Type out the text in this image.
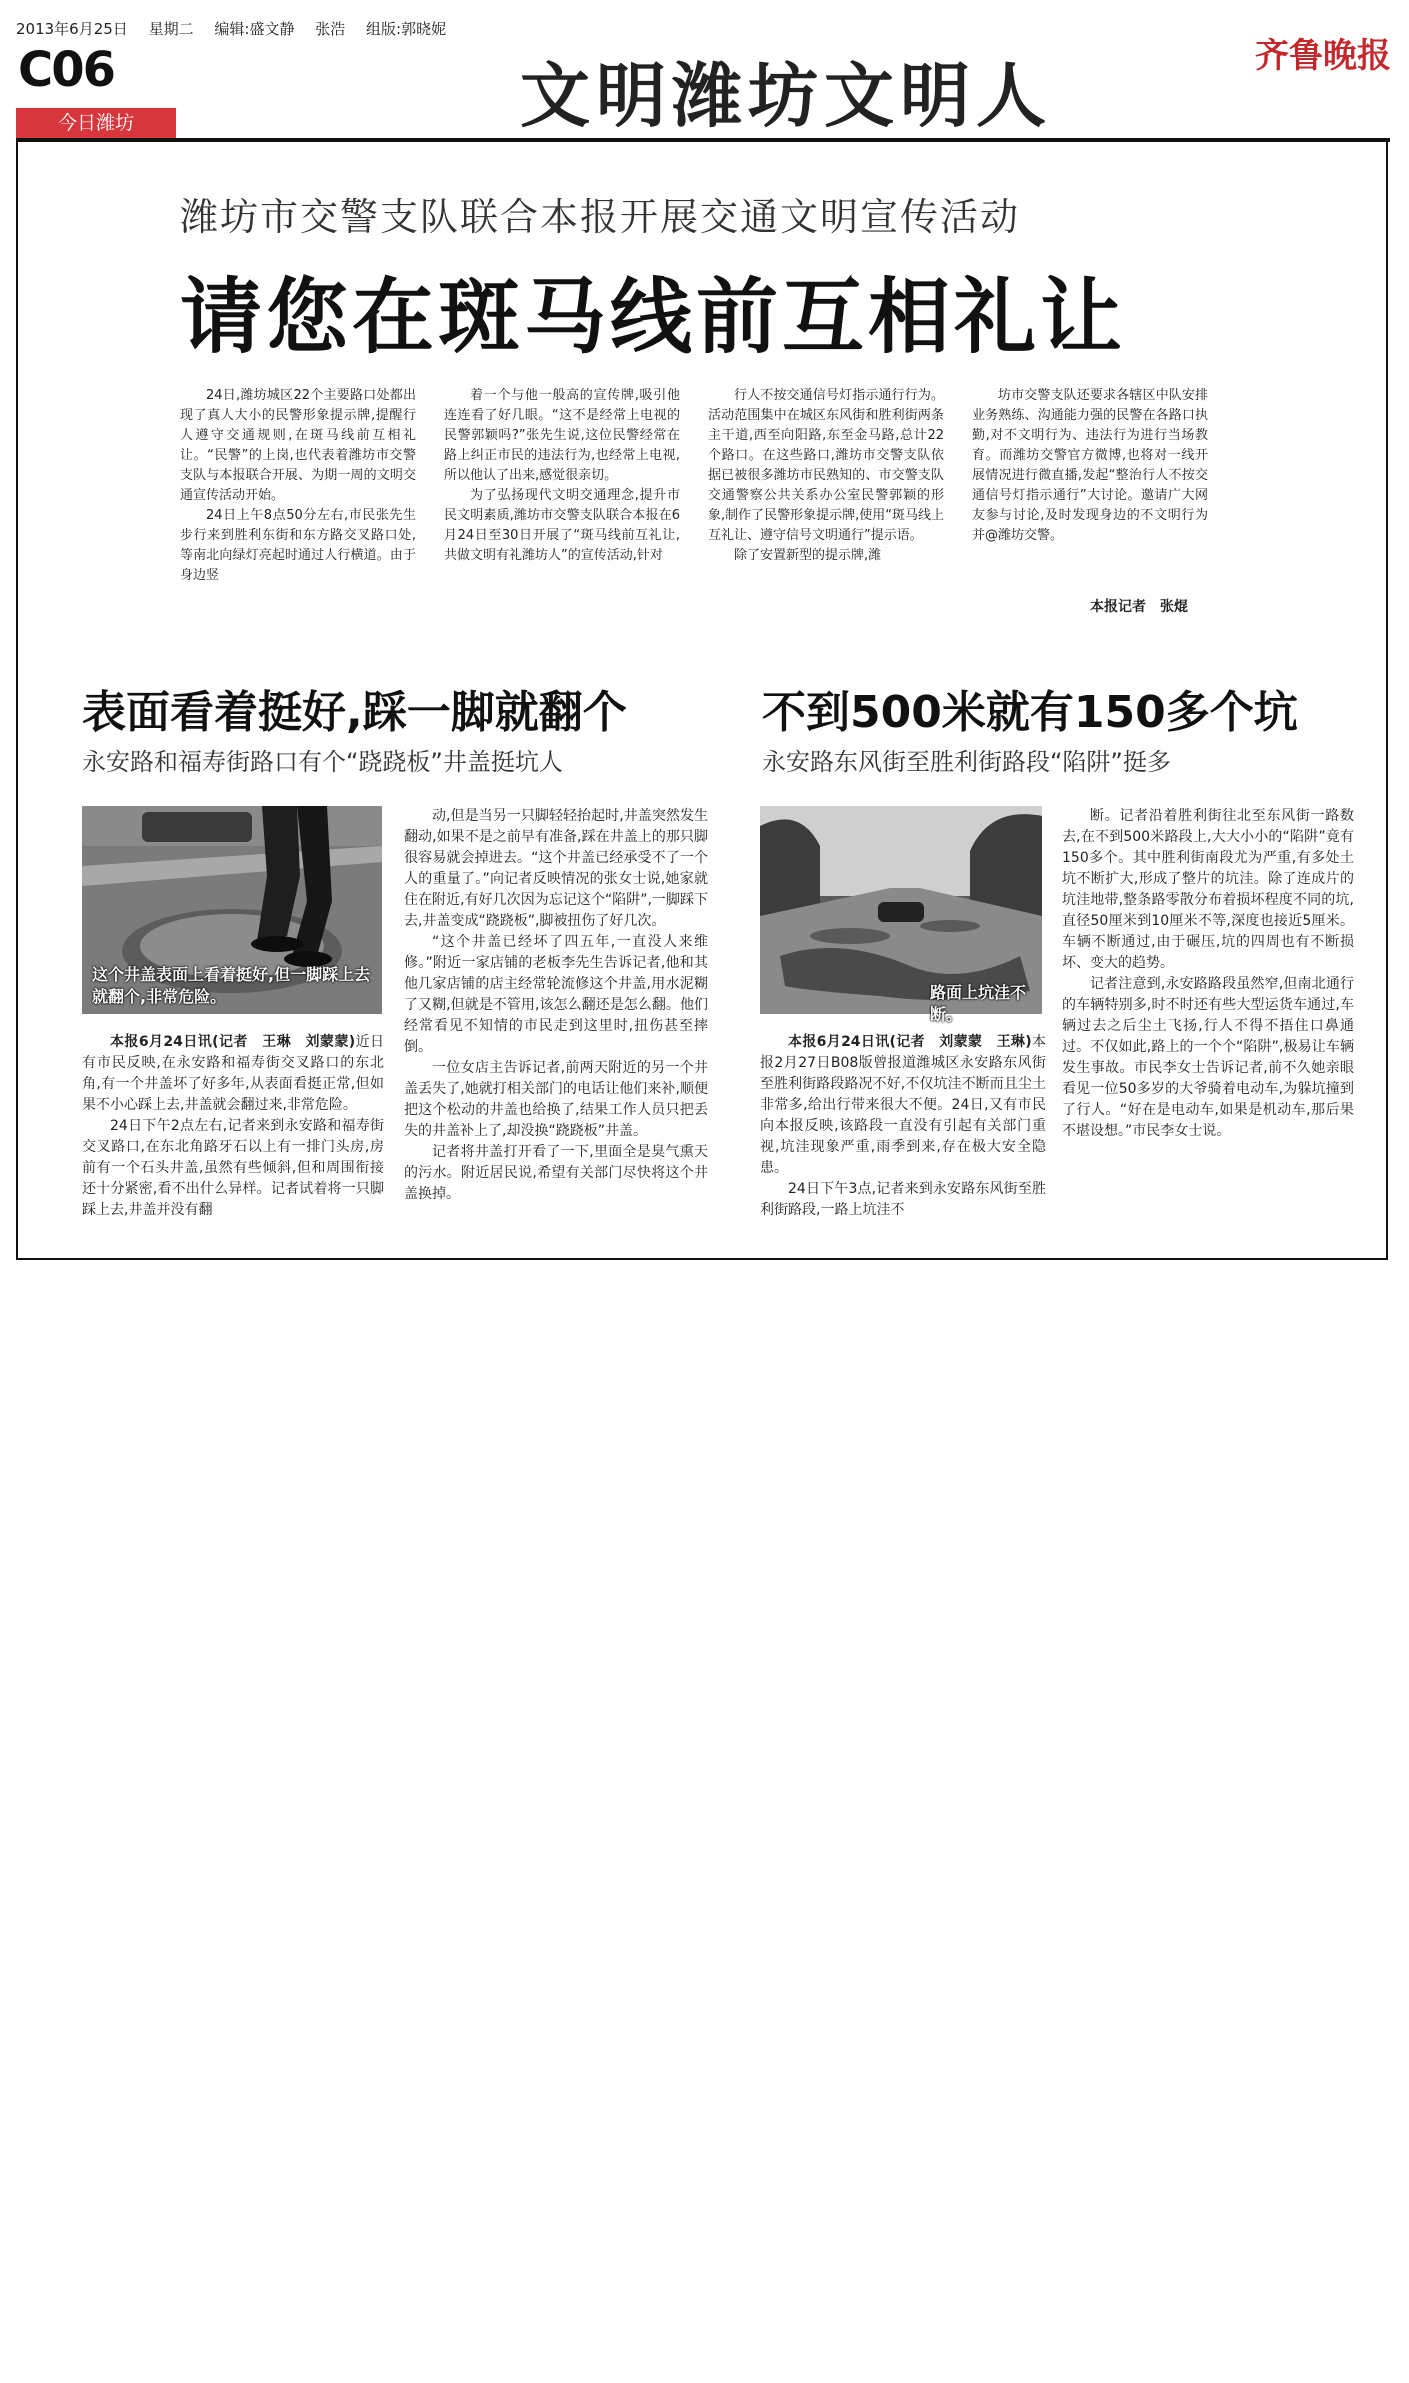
2013年6月25日 星期二 编辑:盛文静 张浩 组版:郭晓妮
C06	文明潍坊文明人	齐鲁晚报
今日潍坊
潍坊市交警支队联合本报开展交通文明宣传活动
请您在斑马线前互相礼让

24日,潍坊城区22个主要路口处都出现了真人大小的民警形象提示牌,提醒行人遵守交通规则,在斑马线前互相礼让。“民警”的上岗,也代表着潍坊市交警支队与本报联合开展、为期一周的文明交通宣传活动开始。

24日上午8点50分左右,市民张先生步行来到胜利东街和东方路交叉路口处,等南北向绿灯亮起时通过人行横道。由于身边竖

着一个与他一般高的宣传牌,吸引他连连看了好几眼。“这不是经常上电视的民警郭颖吗?”张先生说,这位民警经常在路上纠正市民的违法行为,也经常上电视,所以他认了出来,感觉很亲切。

为了弘扬现代文明交通理念,提升市民文明素质,潍坊市交警支队联合本报在6月24日至30日开展了“斑马线前互礼让,共做文明有礼潍坊人”的宣传活动,针对

行人不按交通信号灯指示通行行为。活动范围集中在城区东风街和胜利街两条主干道,西至向阳路,东至金马路,总计22个路口。在这些路口,潍坊市交警支队依据已被很多潍坊市民熟知的、市交警支队交通警察公共关系办公室民警郭颖的形象,制作了民警形象提示牌,使用“斑马线上互礼让、遵守信号文明通行”提示语。

除了安置新型的提示牌,潍

坊市交警支队还要求各辖区中队安排业务熟练、沟通能力强的民警在各路口执勤,对不文明行为、违法行为进行当场教育。而潍坊交警官方微博,也将对一线开展情况进行微直播,发起“整治行人不按交通信号灯指示通行”大讨论。邀请广大网友参与讨论,及时发现身边的不文明行为并@潍坊交警。

本报记者　张焜
表面看着挺好,踩一脚就翻个
永安路和福寿街路口有个“跷跷板”井盖挺坑人
这个井盖表面上看着挺好,但一脚踩上去就翻个,非常危险。

本报6月24日讯(记者　王琳　刘蒙蒙)近日有市民反映,在永安路和福寿街交叉路口的东北角,有一个井盖坏了好多年,从表面看挺正常,但如果不小心踩上去,井盖就会翻过来,非常危险。

24日下午2点左右,记者来到永安路和福寿街交叉路口,在东北角路牙石以上有一排门头房,房前有一个石头井盖,虽然有些倾斜,但和周围衔接还十分紧密,看不出什么异样。记者试着将一只脚踩上去,井盖并没有翻

动,但是当另一只脚轻轻抬起时,井盖突然发生翻动,如果不是之前早有准备,踩在井盖上的那只脚很容易就会掉进去。“这个井盖已经承受不了一个人的重量了。”向记者反映情况的张女士说,她家就住在附近,有好几次因为忘记这个“陷阱”,一脚踩下去,井盖变成“跷跷板”,脚被扭伤了好几次。

“这个井盖已经坏了四五年,一直没人来维修。”附近一家店铺的老板李先生告诉记者,他和其他几家店铺的店主经常轮流修这个井盖,用水泥糊了又糊,但就是不管用,该怎么翻还是怎么翻。他们经常看见不知情的市民走到这里时,扭伤甚至摔倒。

一位女店主告诉记者,前两天附近的另一个井盖丢失了,她就打相关部门的电话让他们来补,顺便把这个松动的井盖也给换了,结果工作人员只把丢失的井盖补上了,却没换“跷跷板”井盖。

记者将井盖打开看了一下,里面全是臭气熏天的污水。附近居民说,希望有关部门尽快将这个井盖换掉。

不到500米就有150多个坑
永安路东风街至胜利街路段“陷阱”挺多
路面上坑洼不断。

本报6月24日讯(记者　刘蒙蒙　王琳)本报2月27日B08版曾报道潍城区永安路东风街至胜利街路段路况不好,不仅坑洼不断而且尘土非常多,给出行带来很大不便。24日,又有市民向本报反映,该路段一直没有引起有关部门重视,坑洼现象严重,雨季到来,存在极大安全隐患。

24日下午3点,记者来到永安路东风街至胜利街路段,一路上坑洼不

断。记者沿着胜利街往北至东风街一路数去,在不到500米路段上,大大小小的“陷阱”竟有150多个。其中胜利街南段尤为严重,有多处土坑不断扩大,形成了整片的坑洼。除了连成片的坑洼地带,整条路零散分布着损坏程度不同的坑,直径50厘米到10厘米不等,深度也接近5厘米。车辆不断通过,由于碾压,坑的四周也有不断损坏、变大的趋势。

记者注意到,永安路路段虽然窄,但南北通行的车辆特别多,时不时还有些大型运货车通过,车辆过去之后尘土飞扬,行人不得不捂住口鼻通过。不仅如此,路上的一个个“陷阱”,极易让车辆发生事故。市民李女士告诉记者,前不久她亲眼看见一位50多岁的大爷骑着电动车,为躲坑撞到了行人。“好在是电动车,如果是机动车,那后果不堪设想。”市民李女士说。
